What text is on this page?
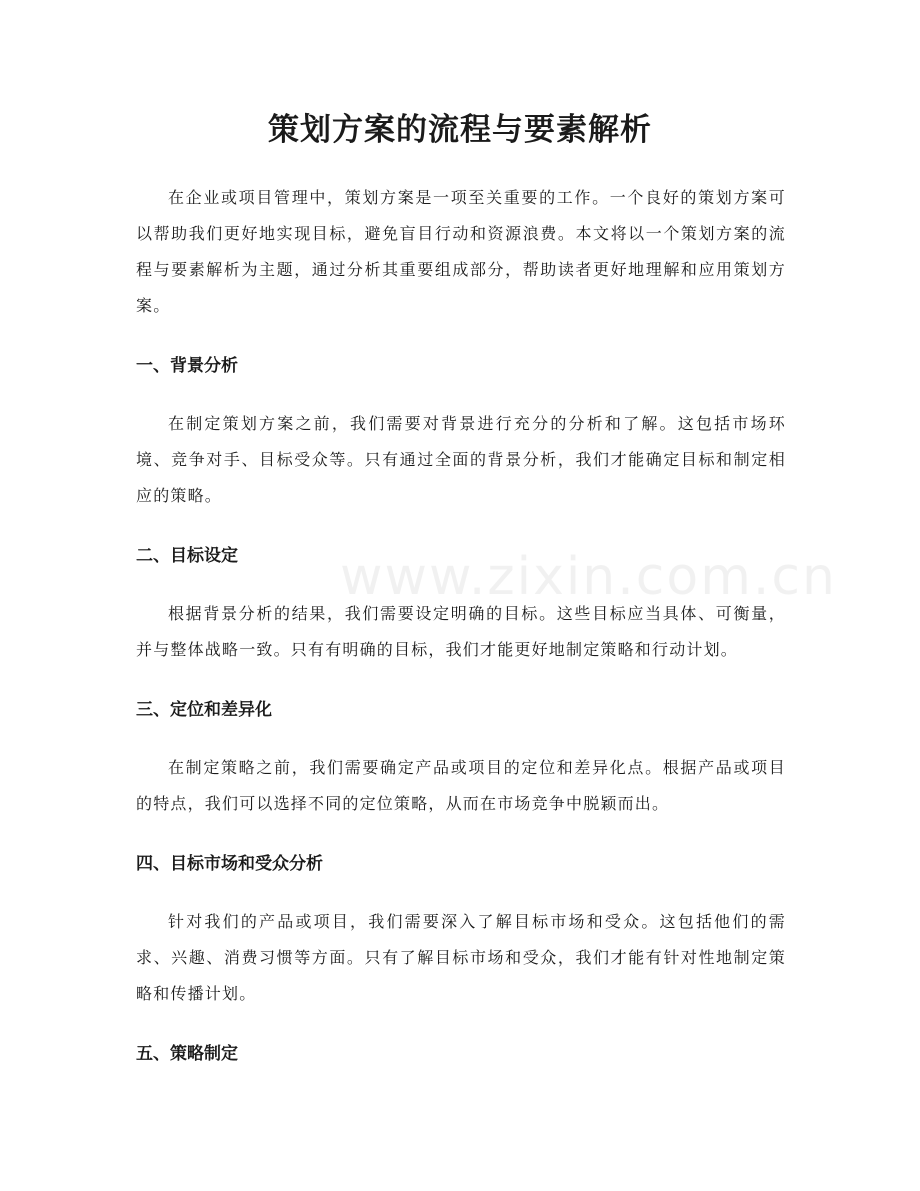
策划方案的流程与要素解析

在企业或项目管理中，策划方案是一项至关重要的工作。一个良好的策划方案可以帮助我们更好地实现目标，避免盲目行动和资源浪费。本文将以一个策划方案的流程与要素解析为主题，通过分析其重要组成部分，帮助读者更好地理解和应用策划方案。

一、背景分析

在制定策划方案之前，我们需要对背景进行充分的分析和了解。这包括市场环境、竞争对手、目标受众等。只有通过全面的背景分析，我们才能确定目标和制定相应的策略。

二、目标设定

根据背景分析的结果，我们需要设定明确的目标。这些目标应当具体、可衡量，并与整体战略一致。只有有明确的目标，我们才能更好地制定策略和行动计划。

三、定位和差异化

在制定策略之前，我们需要确定产品或项目的定位和差异化点。根据产品或项目的特点，我们可以选择不同的定位策略，从而在市场竞争中脱颖而出。

四、目标市场和受众分析

针对我们的产品或项目，我们需要深入了解目标市场和受众。这包括他们的需求、兴趣、消费习惯等方面。只有了解目标市场和受众，我们才能有针对性地制定策略和传播计划。

五、策略制定
www.zixin.com.cn
